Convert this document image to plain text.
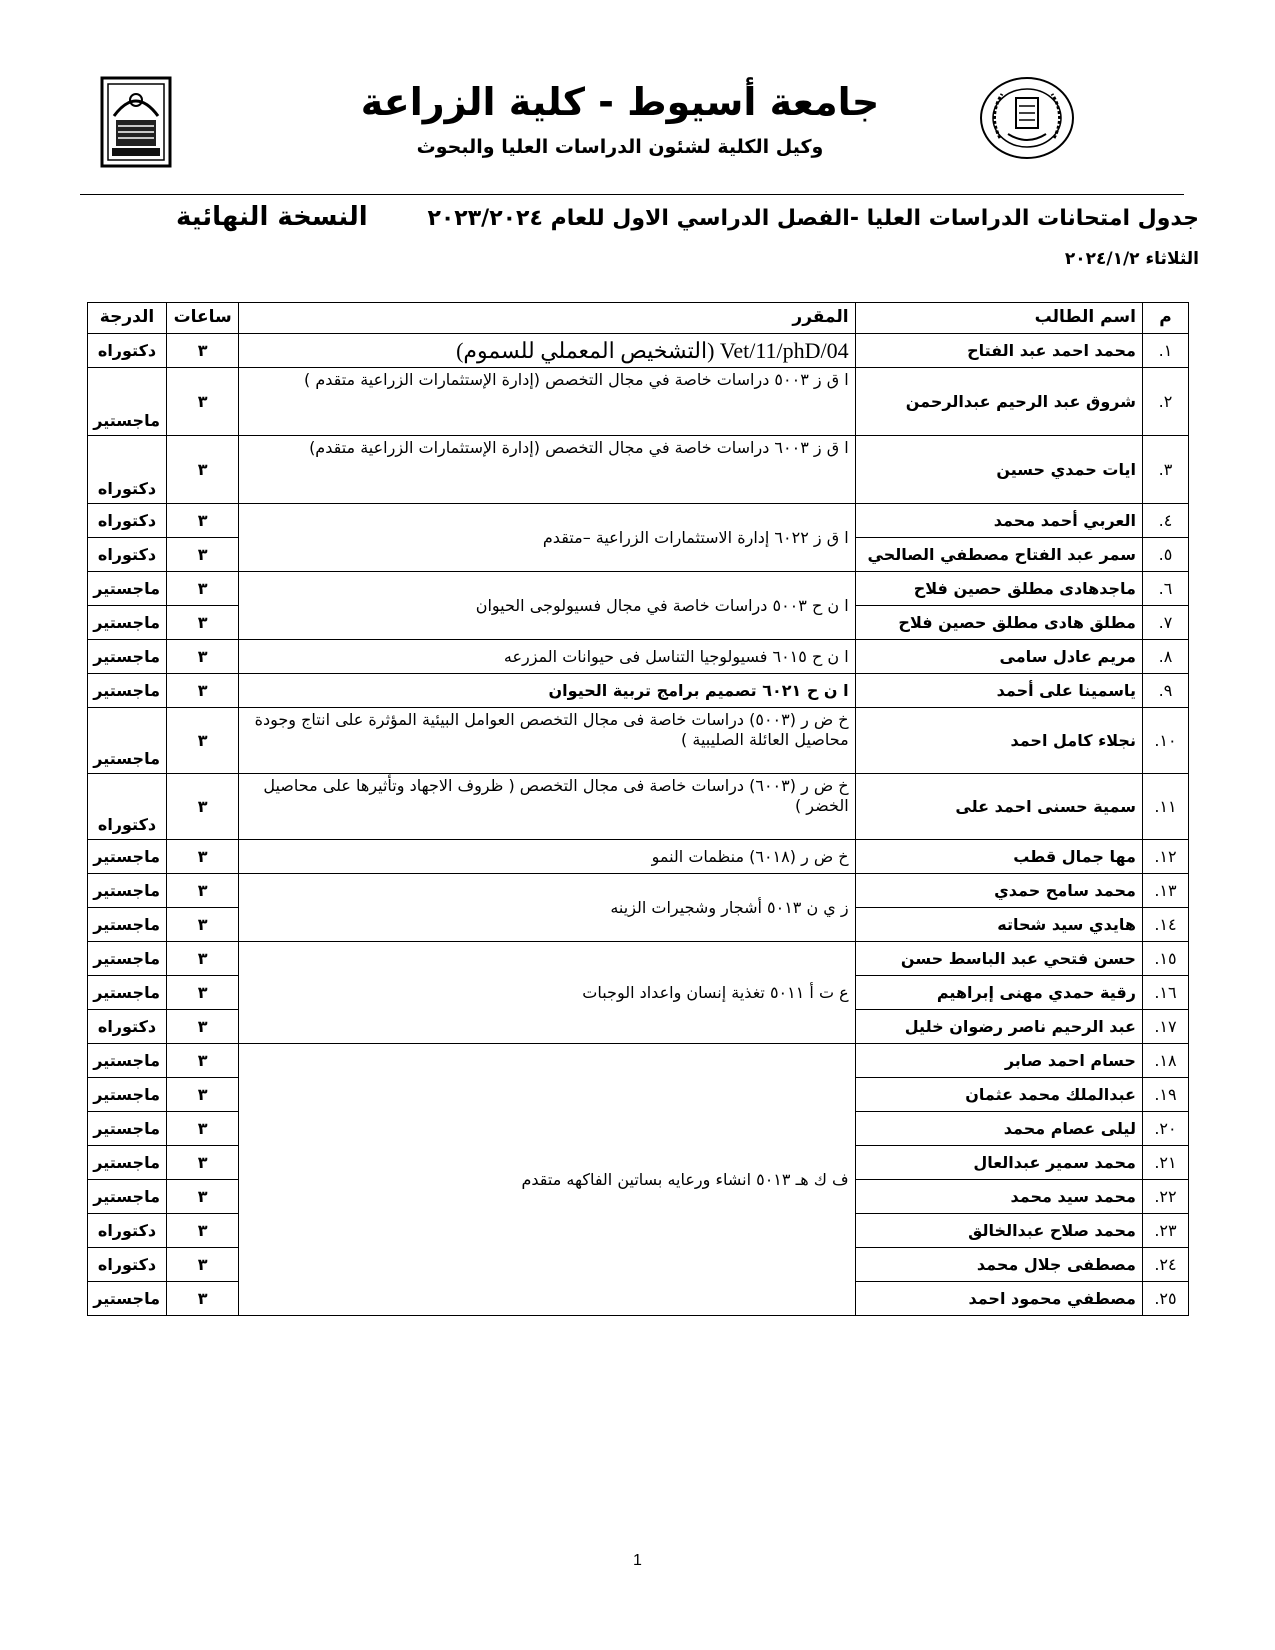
جامعة أسيوط - كلية الزراعة
وكيل الكلية لشئون الدراسات العليا والبحوث
جدول امتحانات الدراسات العليا -الفصل الدراسي الاول للعام ٢٠٢٣/٢٠٢٤
النسخة النهائية
الثلاثاء ٢٠٢٤/١/٢
م	اسم الطالب	المقرر	ساعات	الدرجة
١.	محمد احمد عبد الفتاح	Vet/11/phD/04 (التشخيص المعملي للسموم)	٣	دكتوراه
٢.	شروق عبد الرحيم عبدالرحمن	ا ق ز ٥٠٠٣ دراسات خاصة في مجال التخصص (إدارة الإستثمارات الزراعية متقدم )	٣	ماجستير
٣.	ايات حمدي حسين	ا ق ز ٦٠٠٣ دراسات خاصة في مجال التخصص (إدارة الإستثمارات الزراعية متقدم)	٣	دكتوراه
٤.	العربي أحمد محمد	ا ق ز ٦٠٢٢ إدارة الاستثمارات الزراعية –متقدم	٣	دكتوراه
٥.	سمر عبد الفتاح مصطفي الصالحي		٣	دكتوراه
٦.	ماجدهادى مطلق حصين فلاح	ا ن ح ٥٠٠٣ دراسات خاصة في مجال فسيولوجى الحيوان	٣	ماجستير
٧.	مطلق هادى مطلق حصين فلاح		٣	ماجستير
٨.	مريم عادل سامى	ا ن ح ٦٠١٥ فسيولوجيا التناسل فى حيوانات المزرعه	٣	ماجستير
٩.	ياسمينا على أحمد	ا ن ح ٦٠٢١ تصميم برامج تربية الحيوان	٣	ماجستير
١٠.	نجلاء كامل احمد	خ ض ر (٥٠٠٣) دراسات خاصة فى مجال التخصص العوامل البيئية المؤثرة على انتاج وجودة محاصيل العائلة الصليبية )	٣	ماجستير
١١.	سمية حسنى احمد على	خ ض ر (٦٠٠٣) دراسات خاصة فى مجال التخصص ( ظروف الاجهاد وتأثيرها على محاصيل الخضر )	٣	دكتوراه
١٢.	مها جمال قطب	خ ض ر (٦٠١٨) منظمات النمو	٣	ماجستير
١٣.	محمد سامح حمدي	ز ي ن ٥٠١٣ أشجار وشجيرات الزينه	٣	ماجستير
١٤.	هايدي سيد شحاته		٣	ماجستير
١٥.	حسن فتحي عبد الباسط حسن	ع ت أ ٥٠١١ تغذية إنسان واعداد الوجبات	٣	ماجستير
١٦.	رقية حمدي مهنى إبراهيم		٣	ماجستير
١٧.	عبد الرحيم ناصر رضوان خليل		٣	دكتوراه
١٨.	حسام احمد صابر	ف ك هـ ٥٠١٣ انشاء ورعايه بساتين الفاكهه متقدم	٣	ماجستير
١٩.	عبدالملك محمد عثمان		٣	ماجستير
٢٠.	ليلى عصام محمد		٣	ماجستير
٢١.	محمد سمير عبدالعال		٣	ماجستير
٢٢.	محمد سيد محمد		٣	ماجستير
٢٣.	محمد صلاح عبدالخالق		٣	دكتوراه
٢٤.	مصطفى جلال محمد		٣	دكتوراه
٢٥.	مصطفي محمود احمد		٣	ماجستير
1
